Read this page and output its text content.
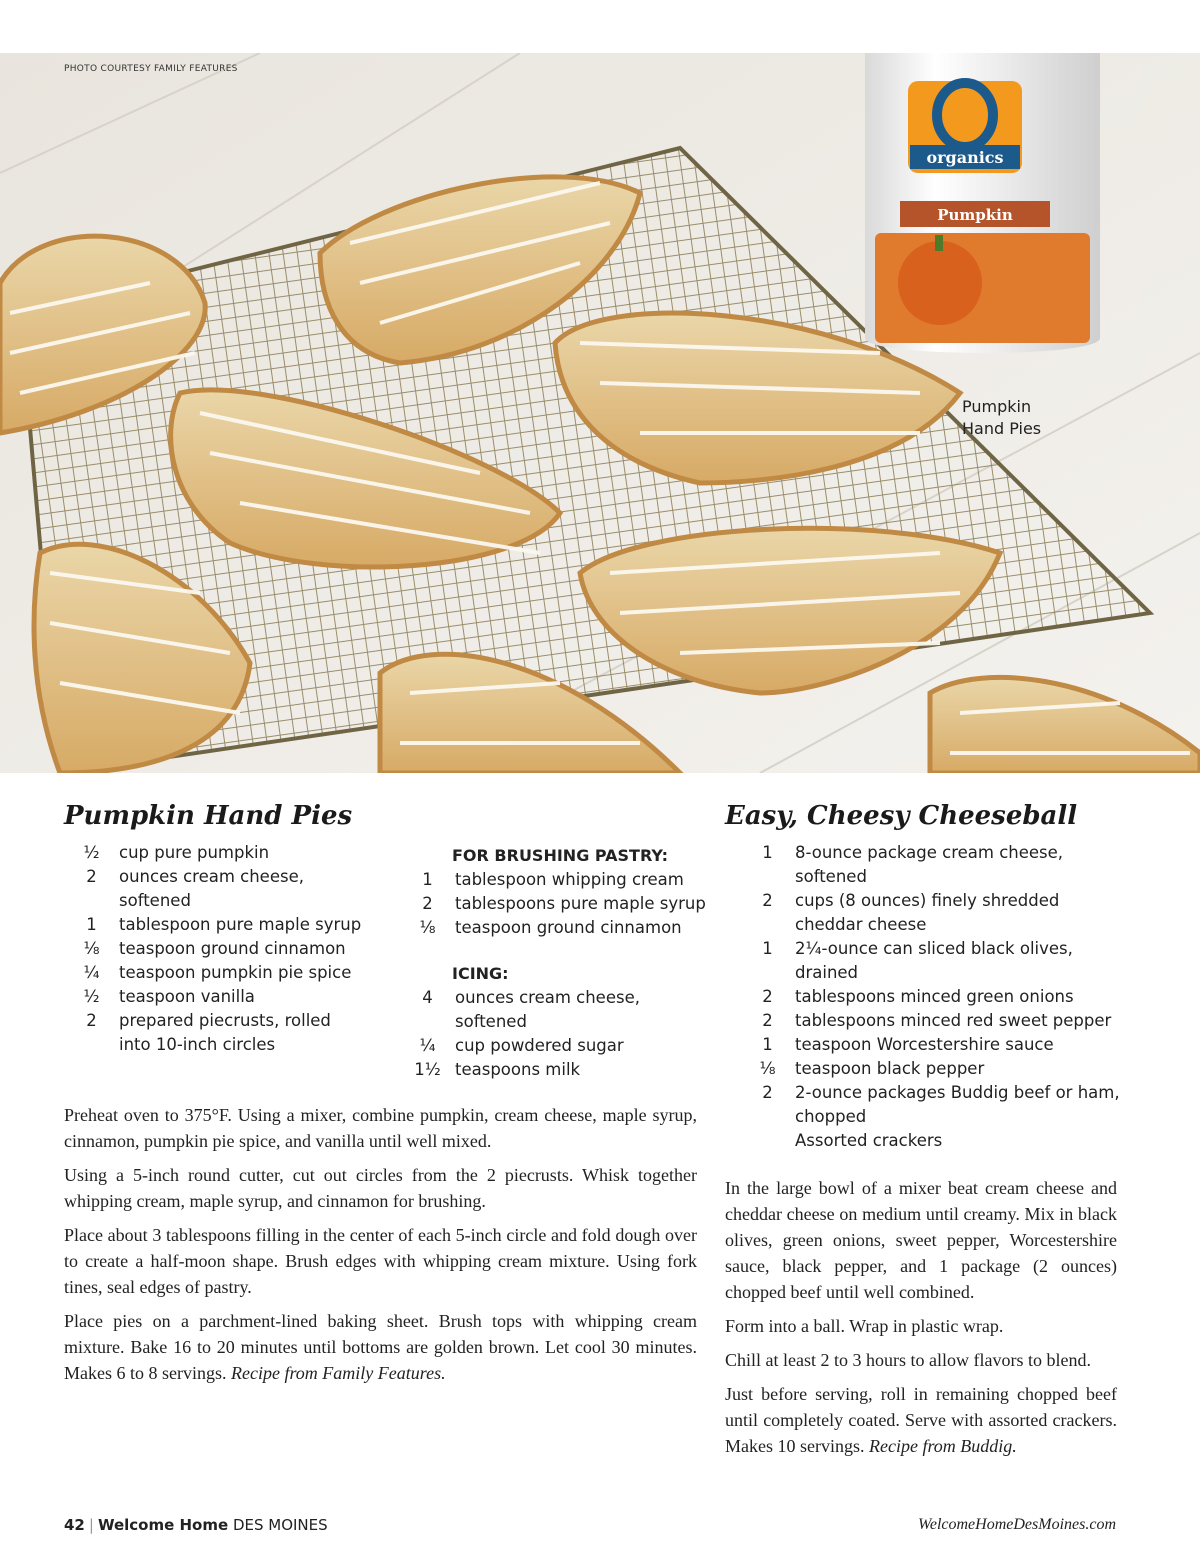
Pumpkin
organics
PHOTO COURTESY FAMILY FEATURES
Pumpkin
Hand Pies
Pumpkin Hand Pies
½	cup pure pumpkin
2	ounces cream cheese,
softened
1	tablespoon pure maple syrup
⅛	teaspoon ground cinnamon
¼	teaspoon pumpkin pie spice
½	teaspoon vanilla
2	prepared piecrusts, rolled
into 10-inch circles
FOR BRUSHING PASTRY:
1	tablespoon whipping cream
2	tablespoons pure maple syrup
⅛	teaspoon ground cinnamon
ICING:
4	ounces cream cheese,
softened
¼	cup powdered sugar
1½ teaspoons milk

Preheat oven to 375°F. Using a mixer, combine pumpkin, cream cheese, maple syrup, cinnamon, pumpkin pie spice, and vanilla until well mixed.

Using a 5-inch round cutter, cut out circles from the 2 piecrusts. Whisk together whipping cream, maple syrup, and cinnamon for brushing.

Place about 3 tablespoons filling in the center of each 5-inch circle and fold dough over to create a half-moon shape. Brush edges with whipping cream mixture. Using fork tines, seal edges of pastry.

Place pies on a parchment-lined baking sheet. Brush tops with whipping cream mixture. Bake 16 to 20 minutes until bottoms are golden brown. Let cool 30 minutes. Makes 6 to 8 servings. Recipe from Family Features.

Easy, Cheesy Cheeseball
1	8-ounce package cream cheese,
softened
2	cups (8 ounces) finely shredded
cheddar cheese
1	2¼-ounce can sliced black olives,
drained
2	tablespoons minced green onions
2	tablespoons minced red sweet pepper
1	teaspoon Worcestershire sauce
⅛	teaspoon black pepper
2	2-ounce packages Buddig beef or ham,
chopped
Assorted crackers

In the large bowl of a mixer beat cream cheese and cheddar cheese on medium until creamy. Mix in black olives, green onions, sweet pepper, Worcestershire sauce, black pepper, and 1 package (2 ounces) chopped beef until well combined.

Form into a ball. Wrap in plastic wrap.

Chill at least 2 to 3 hours to allow flavors to blend.

Just before serving, roll in remaining chopped beef until completely coated. Serve with assorted crackers. Makes 10 servings. Recipe from Buddig.

42 | Welcome Home DES MOINES	WelcomeHomeDesMoines.com
